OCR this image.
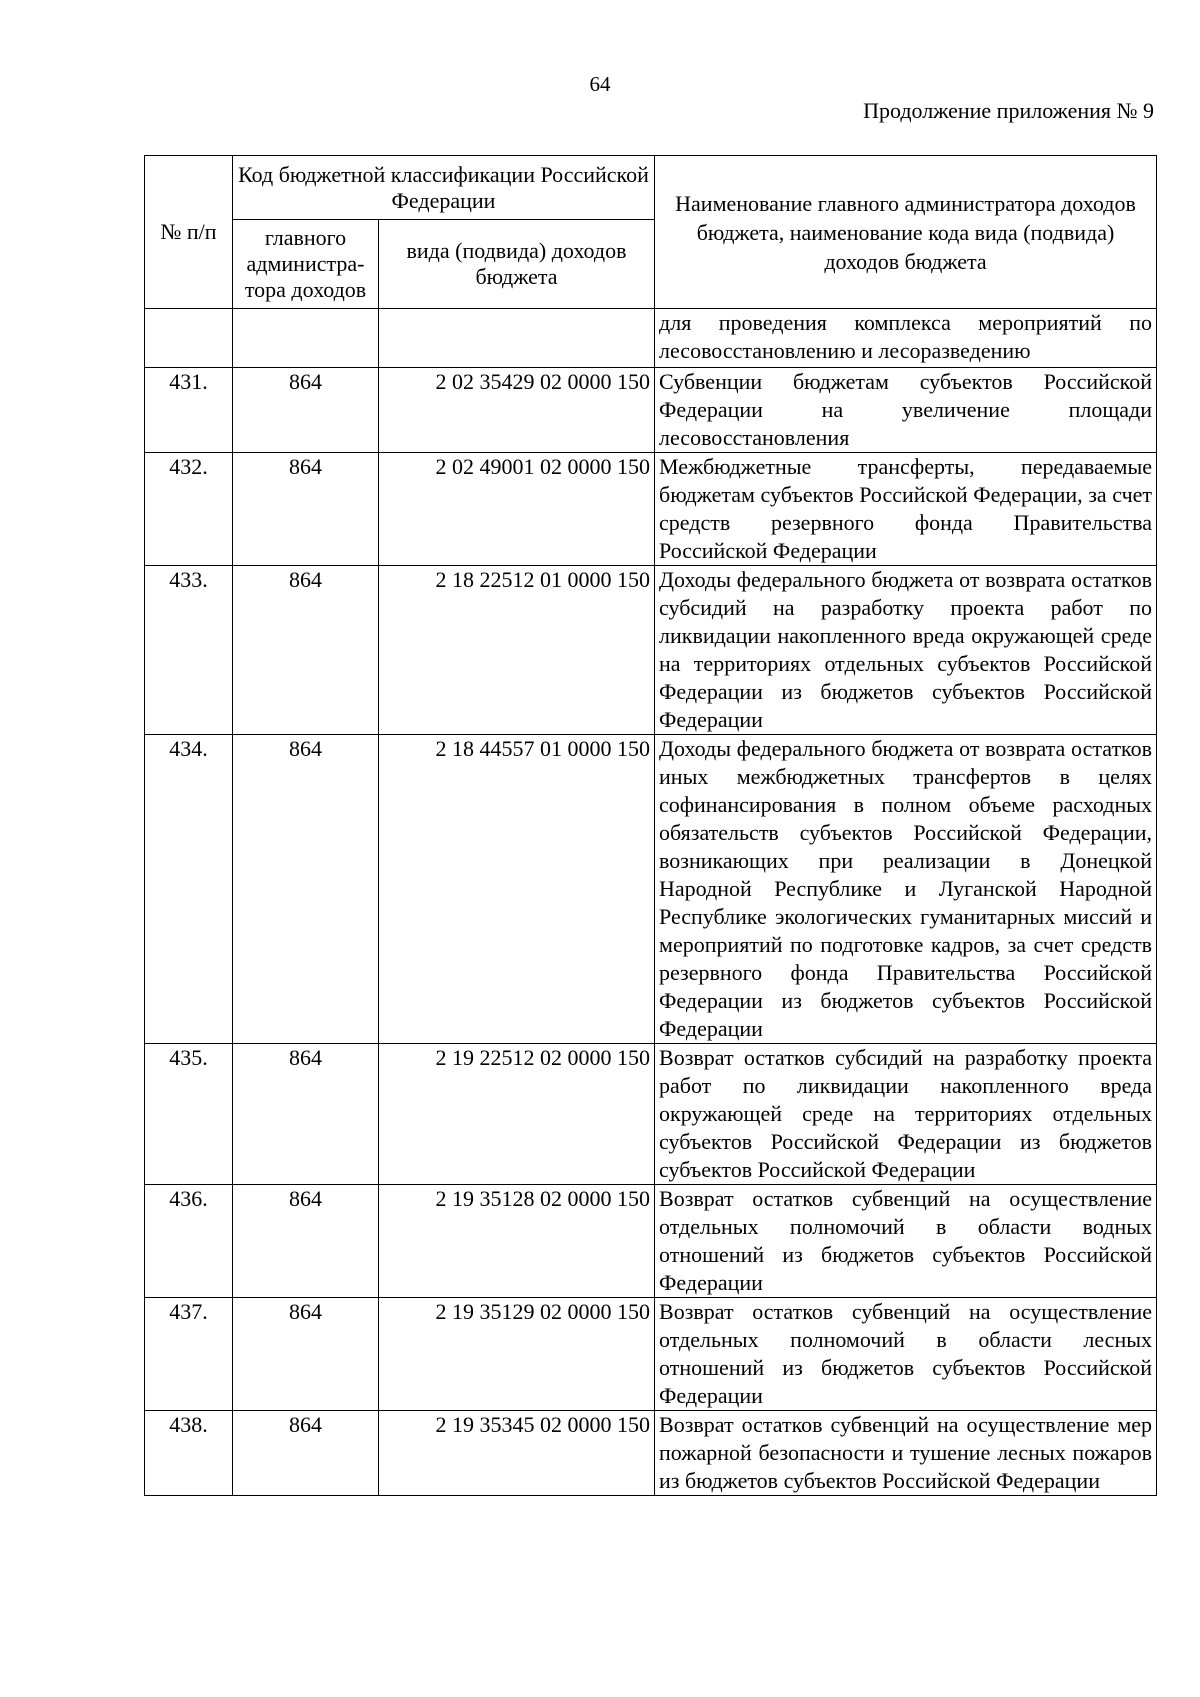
64
Продолжение приложения № 9
№ п/п	Код бюджетной классификации Российской Федерации		Наименование главного администратора доходов бюджета, наименование кода вида (подвида) доходов бюджета
	главного администра-тора доходов	вида (подвида) доходов бюджета	
			для проведения комплекса мероприятий по лесовосстановлению и лесоразведению
431.	864	2 02 35429 02 0000 150	Субвенции бюджетам субъектов Российской Федерации на увеличение площади лесовосстановления
432.	864	2 02 49001 02 0000 150	Межбюджетные трансферты, передаваемые бюджетам субъектов Российской Федерации, за счет средств резервного фонда Правительства Российской Федерации
433.	864	2 18 22512 01 0000 150	Доходы федерального бюджета от возврата остатков субсидий на разработку проекта работ по ликвидации накопленного вреда окружающей среде на территориях отдельных субъектов Российской Федерации из бюджетов субъектов Российской Федерации
434.	864	2 18 44557 01 0000 150	Доходы федерального бюджета от возврата остатков иных межбюджетных трансфертов в целях софинансирования в полном объеме расходных обязательств субъектов Российской Федерации, возникающих при реализации в Донецкой Народной Республике и Луганской Народной Республике экологических гуманитарных миссий и мероприятий по подготовке кадров, за счет средств резервного фонда Правительства Российской Федерации из бюджетов субъектов Российской Федерации
435.	864	2 19 22512 02 0000 150	Возврат остатков субсидий на разработку проекта работ по ликвидации накопленного вреда окружающей среде на территориях отдельных субъектов Российской Федерации из бюджетов субъектов Российской Федерации
436.	864	2 19 35128 02 0000 150	Возврат остатков субвенций на осуществление отдельных полномочий в области водных отношений из бюджетов субъектов Российской Федерации
437.	864	2 19 35129 02 0000 150	Возврат остатков субвенций на осуществление отдельных полномочий в области лесных отношений из бюджетов субъектов Российской Федерации
438.	864	2 19 35345 02 0000 150	Возврат остатков субвенций на осуществление мер пожарной безопасности и тушение лесных пожаров из бюджетов субъектов Российской Федерации
